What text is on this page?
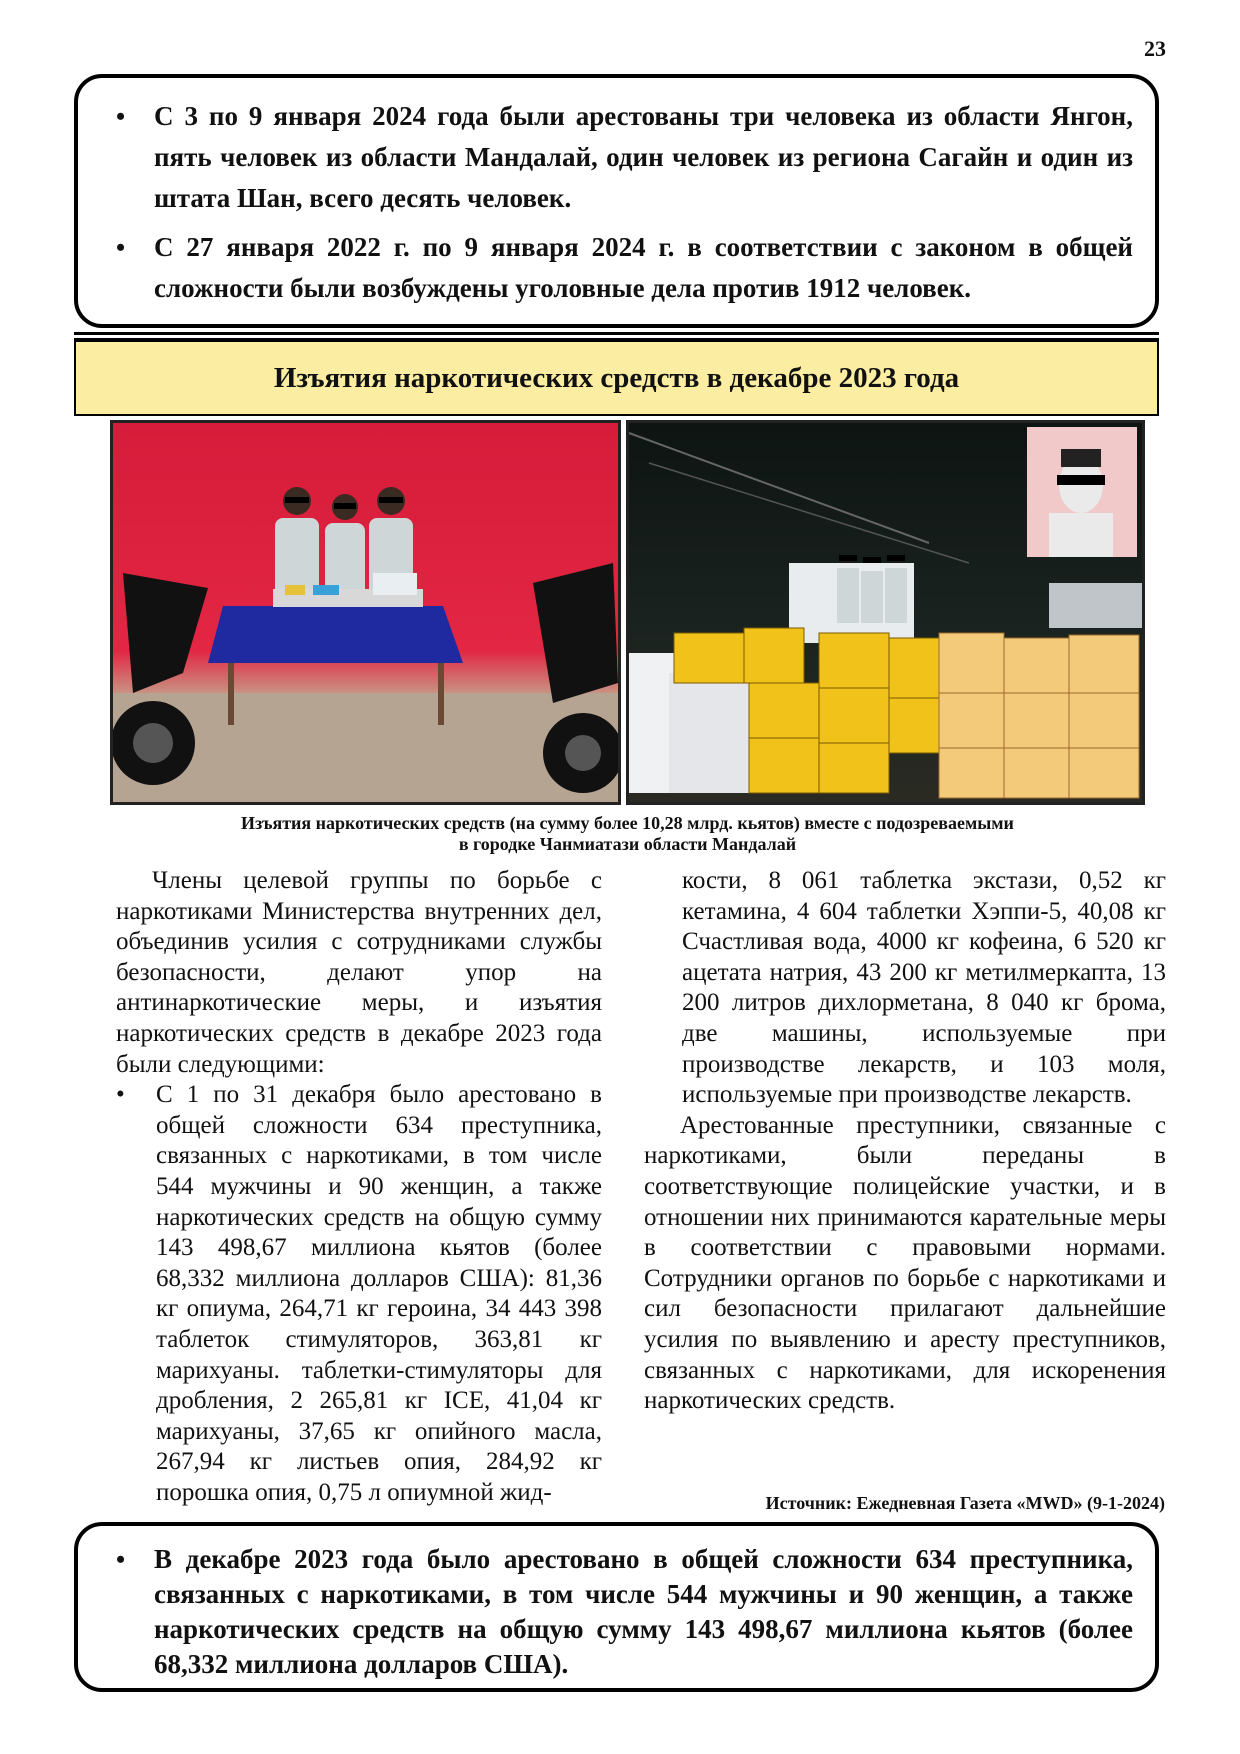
23
• С 3 по 9 января 2024 года были арестованы три человека из области Янгон, пять человек из области Мандалай, один человек из региона Сагайн и один из штата Шан, всего десять человек.
• С 27 января 2022 г. по 9 января 2024 г. в соответствии с законом в общей сложности были возбуждены уголовные дела против 1912 человек.
Изъятия наркотических средств в декабре 2023 года
Изъятия наркотических средств (на сумму более 10,28 млрд. кьятов) вместе с подозреваемыми
в городке Чанмиатази области Мандалай

Члены целевой группы по борьбе с наркотиками Министерства внутренних дел, объединив усилия с сотрудниками службы безопасности, делают упор на антинаркотические меры, и изъятия наркотических средств в декабре 2023 года были следующими:

• С 1 по 31 декабря было арестовано в общей сложности 634 преступника, связанных с наркотиками, в том числе 544 мужчины и 90 женщин, а также наркотических средств на общую сумму 143 498,67 миллиона кьятов (более 68,332 миллиона долларов США): 81,36 кг опиума, 264,71 кг героина, 34 443 398 таблеток стимуляторов, 363,81 кг марихуаны. таблетки-стимуляторы для дробления, 2 265,81 кг ICE, 41,04 кг марихуаны, 37,65 кг опийного масла, 267,94 кг листьев опия, 284,92 кг порошка опия, 0,75 л опиумной жид-

кости, 8 061 таблетка экстази, 0,52 кг кетамина, 4 604 таблетки Хэппи-5, 40,08 кг Счастливая вода, 4000 кг кофеина, 6 520 кг ацетата натрия, 43 200 кг метилмеркапта, 13 200 литров дихлорметана, 8 040 кг брома, две машины, используемые при производстве лекарств, и 103 моля, используемые при производстве лекарств.

Арестованные преступники, связанные с наркотиками, были переданы в соответствующие полицейские участки, и в отношении них принимаются карательные меры в соответствии с правовыми нормами. Сотрудники органов по борьбе с наркотиками и сил безопасности прилагают дальнейшие усилия по выявлению и аресту преступников, связанных с наркотиками, для искоренения наркотических средств.

Источник: Ежедневная Газета «MWD» (9-1-2024)
• В декабре 2023 года было арестовано в общей сложности 634 преступника, связанных с наркотиками, в том числе 544 мужчины и 90 женщин, а также наркотических средств на общую сумму 143 498,67 миллиона кьятов (более 68,332 миллиона долларов США).
